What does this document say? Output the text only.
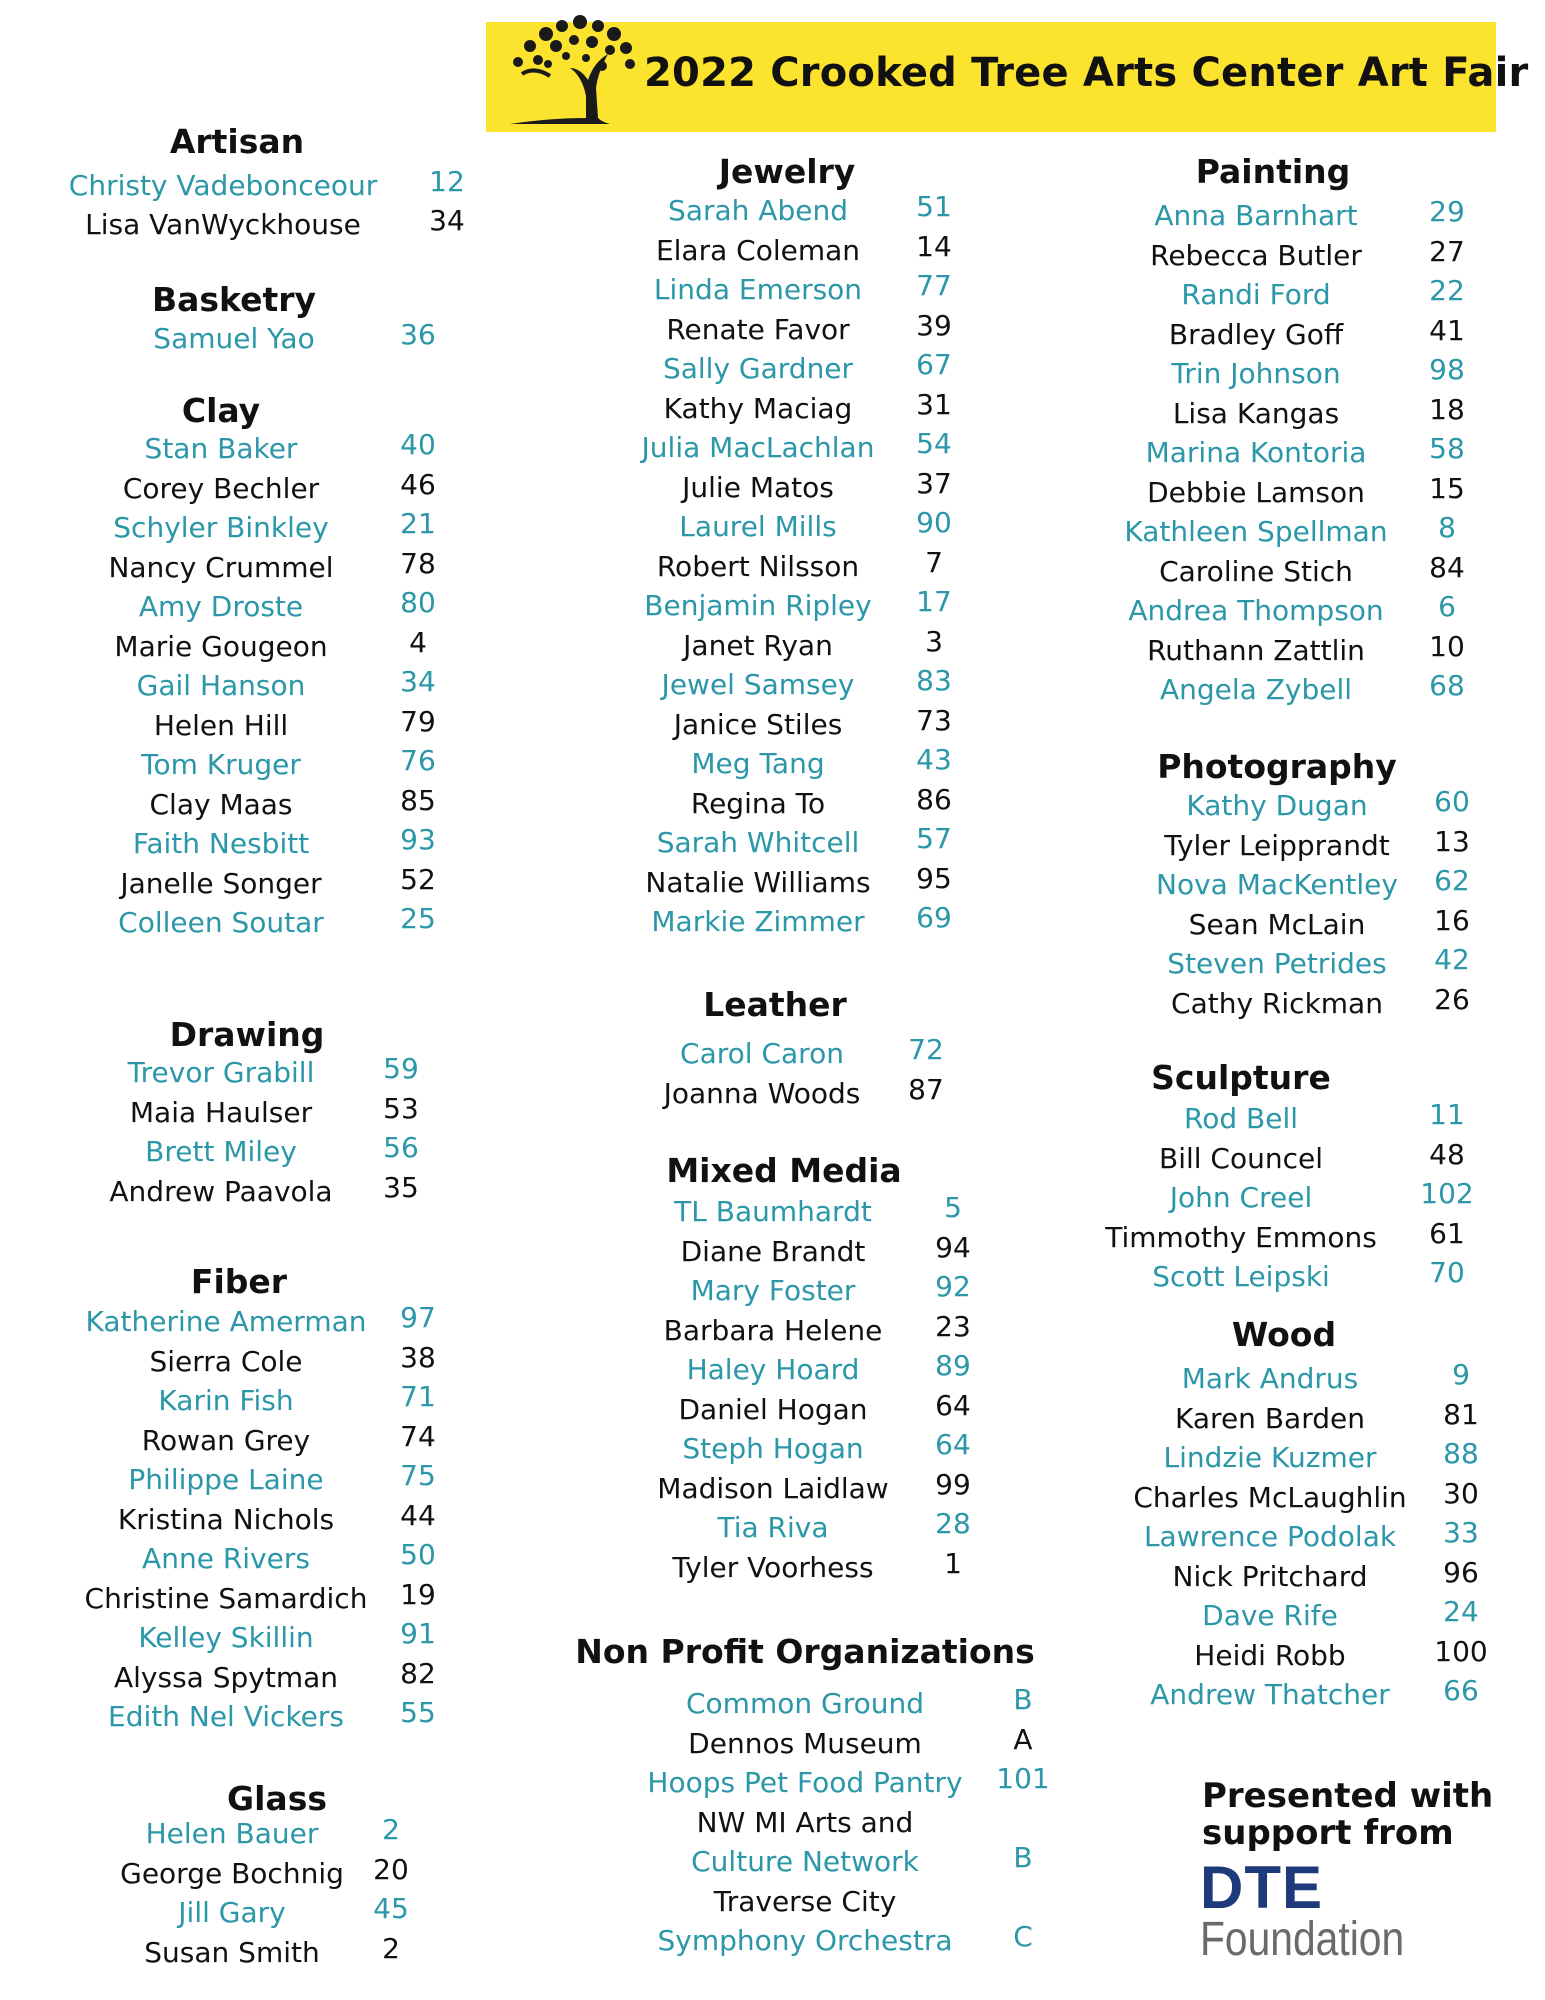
2022 Crooked Tree Arts Center Art Fair
Artisan
Christy Vadebonceour 12
Lisa VanWyckhouse 34
Basketry
Samuel Yao	36
Clay
Stan Baker	40
Corey Bechler	46
Schyler Binkley	21
Nancy Crummel 78
Amy Droste	80
Marie Gougeon	4
Gail Hanson	34
Helen Hill	79
Tom Kruger	76
Clay Maas	85
Faith Nesbitt	93
Janelle Songer	52
Colleen Soutar	25
Drawing
Trevor Grabill 59
Maia Haulser	53
Brett Miley	56
Andrew Paavola 35
Fiber
Katherine Amerman 97
Sierra Cole	38
Karin Fish	71
Rowan Grey	74
Philippe Laine	75
Kristina Nichols 44
Anne Rivers	50
Christine Samardich 19
Kelley Skillin	91
Alyssa Spytman 82
Edith Nel Vickers 55
Glass
Helen Bauer 2
George Bochnig 20
Jill Gary	45
Susan Smith 2
Jewelry
Sarah Abend 51
Elara Coleman 14
Linda Emerson 77
Renate Favor 39
Sally Gardner 67
Kathy Maciag 31
Julia MacLachlan 54
Julie Matos	37
Laurel Mills	90
Robert Nilsson 7
Benjamin Ripley 17
Janet Ryan	3
Jewel Samsey 83
Janice Stiles	73
Meg Tang	43
Regina To	86
Sarah Whitcell 57
Natalie Williams 95
Markie Zimmer 69
Leather
Carol Caron 72
Joanna Woods 87
Mixed Media
TL Baumhardt	5
Diane Brandt 94
Mary Foster	92
Barbara Helene 23
Haley Hoard	89
Daniel Hogan 64
Steph Hogan	64
Madison Laidlaw 99
Tia Riva	28
Tyler Voorhess	1
Non Profit Organizations
Common Ground	B
Dennos Museum	A
Hoops Pet Food Pantry 101
NW MI Arts and
Culture Network	B
Traverse City
Symphony Orchestra C
Painting
Anna Barnhart	29
Rebecca Butler 27
Randi Ford	22
Bradley Goff	41
Trin Johnson	98
Lisa Kangas	18
Marina Kontoria 58
Debbie Lamson 15
Kathleen Spellman 8
Caroline Stich	84
Andrea Thompson 6
Ruthann Zattlin 10
Angela Zybell	68
Photography
Kathy Dugan 60
Tyler Leipprandt 13
Nova MacKentley 62
Sean McLain 16
Steven Petrides 42
Cathy Rickman 26
Sculpture
Rod Bell	11
Bill Councel	48
John Creel	102
Timmothy Emmons 61
Scott Leipski	70
Wood
Mark Andrus	9
Karen Barden	81
Lindzie Kuzmer 88
Charles McLaughlin 30
Lawrence Podolak 33
Nick Pritchard	96
Dave Rife	24
Heidi Robb	100
Andrew Thatcher 66
Presented with
support from
DTE
Foundation
